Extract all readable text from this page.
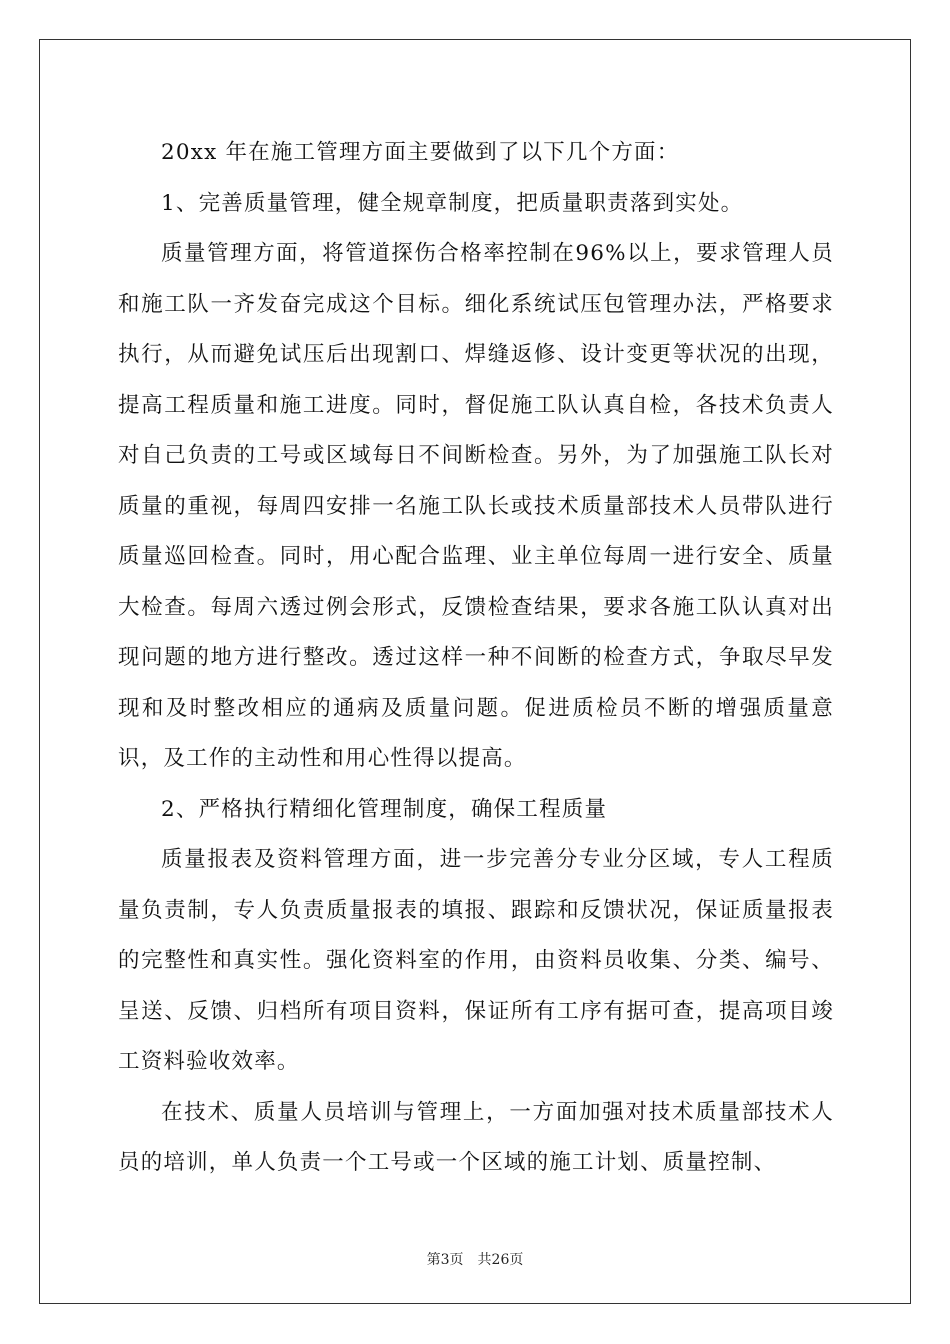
20xx 年在施工管理方面主要做到了以下几个方面：

1、完善质量管理，健全规章制度，把质量职责落到实处。

质量管理方面，将管道探伤合格率控制在96%以上，要求管理人员和施工队一齐发奋完成这个目标。细化系统试压包管理办法，严格要求执行，从而避免试压后出现割口、焊缝返修、设计变更等状况的出现，提高工程质量和施工进度。同时，督促施工队认真自检，各技术负责人对自己负责的工号或区域每日不间断检查。另外，为了加强施工队长对质量的重视，每周四安排一名施工队长或技术质量部技术人员带队进行质量巡回检查。同时，用心配合监理、业主单位每周一进行安全、质量大检查。每周六透过例会形式，反馈检查结果，要求各施工队认真对出现问题的地方进行整改。透过这样一种不间断的检查方式，争取尽早发现和及时整改相应的通病及质量问题。促进质检员不断的增强质量意识，及工作的主动性和用心性得以提高。

2、严格执行精细化管理制度，确保工程质量

质量报表及资料管理方面，进一步完善分专业分区域，专人工程质量负责制，专人负责质量报表的填报、跟踪和反馈状况，保证质量报表的完整性和真实性。强化资料室的作用，由资料员收集、分类、编号、呈送、反馈、归档所有项目资料，保证所有工序有据可查，提高项目竣工资料验收效率。

在技术、质量人员培训与管理上，一方面加强对技术质量部技术人员的培训，单人负责一个工号或一个区域的施工计划、质量控制、

第3页 共26页
